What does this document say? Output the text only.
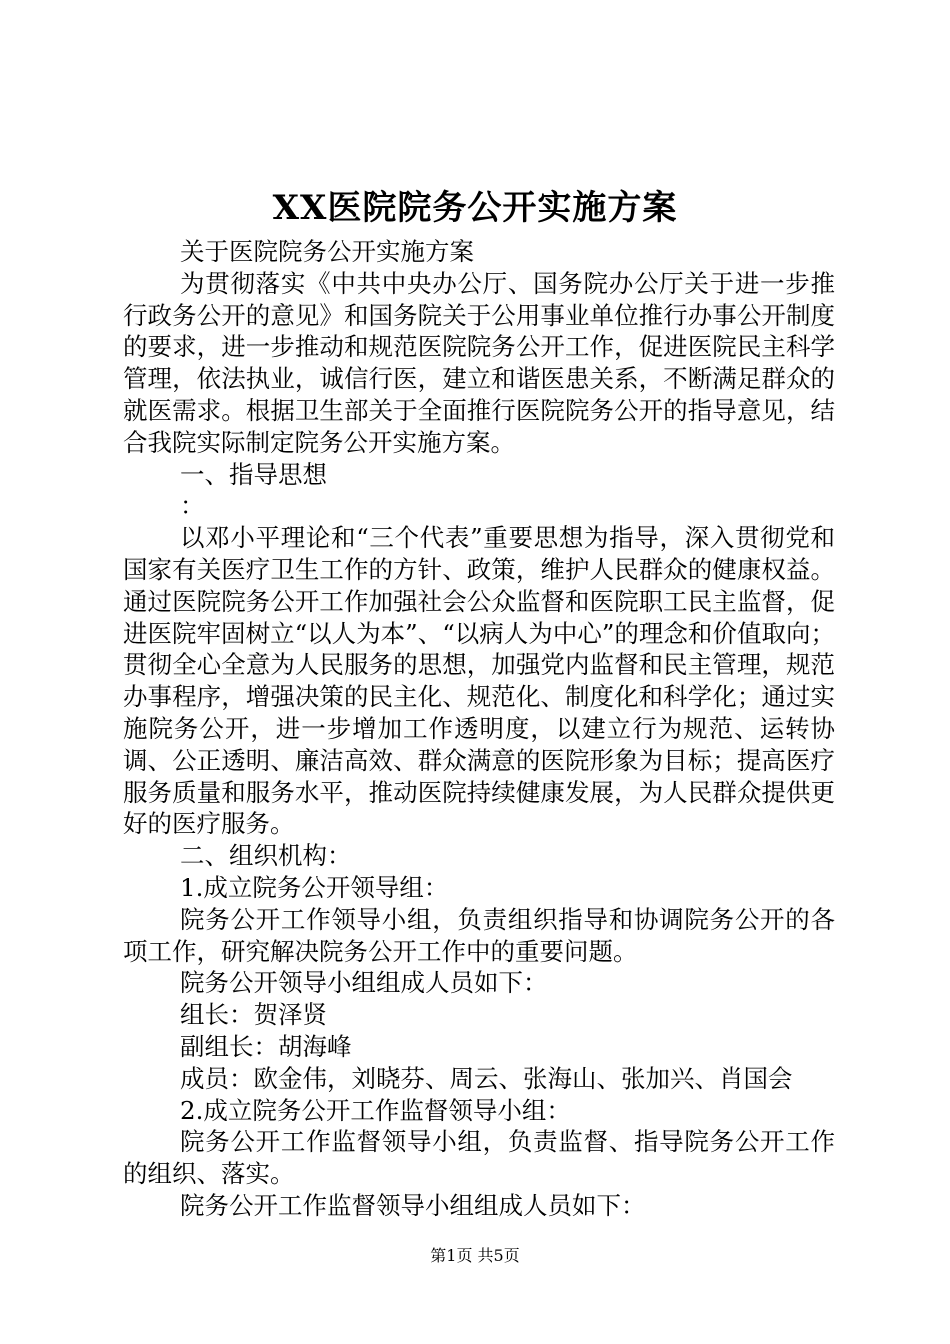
XX医院院务公开实施方案

关于医院院务公开实施方案

为贯彻落实《中共中央办公厅、国务院办公厅关于进一步推行政务公开的意见》和国务院关于公用事业单位推行办事公开制度的要求，进一步推动和规范医院院务公开工作，促进医院民主科学管理，依法执业，诚信行医，建立和谐医患关系，不断满足群众的就医需求。根据卫生部关于全面推行医院院务公开的指导意见，结合我院实际制定院务公开实施方案。

一、指导思想

：

以邓小平理论和“三个代表”重要思想为指导，深入贯彻党和国家有关医疗卫生工作的方针、政策，维护人民群众的健康权益。通过医院院务公开工作加强社会公众监督和医院职工民主监督，促进医院牢固树立“以人为本”、“以病人为中心”的理念和价值取向；贯彻全心全意为人民服务的思想，加强党内监督和民主管理，规范办事程序，增强决策的民主化、规范化、制度化和科学化；通过实施院务公开，进一步增加工作透明度，以建立行为规范、运转协调、公正透明、廉洁高效、群众满意的医院形象为目标；提高医疗服务质量和服务水平，推动医院持续健康发展，为人民群众提供更好的医疗服务。

二、组织机构：

1.成立院务公开领导组：

院务公开工作领导小组，负责组织指导和协调院务公开的各项工作，研究解决院务公开工作中的重要问题。

院务公开领导小组组成人员如下：

组长：贺泽贤

副组长：胡海峰

成员：欧金伟，刘晓芬、周云、张海山、张加兴、肖国会

2.成立院务公开工作监督领导小组：

院务公开工作监督领导小组，负责监督、指导院务公开工作的组织、落实。

院务公开工作监督领导小组组成人员如下：

第1页 共5页
